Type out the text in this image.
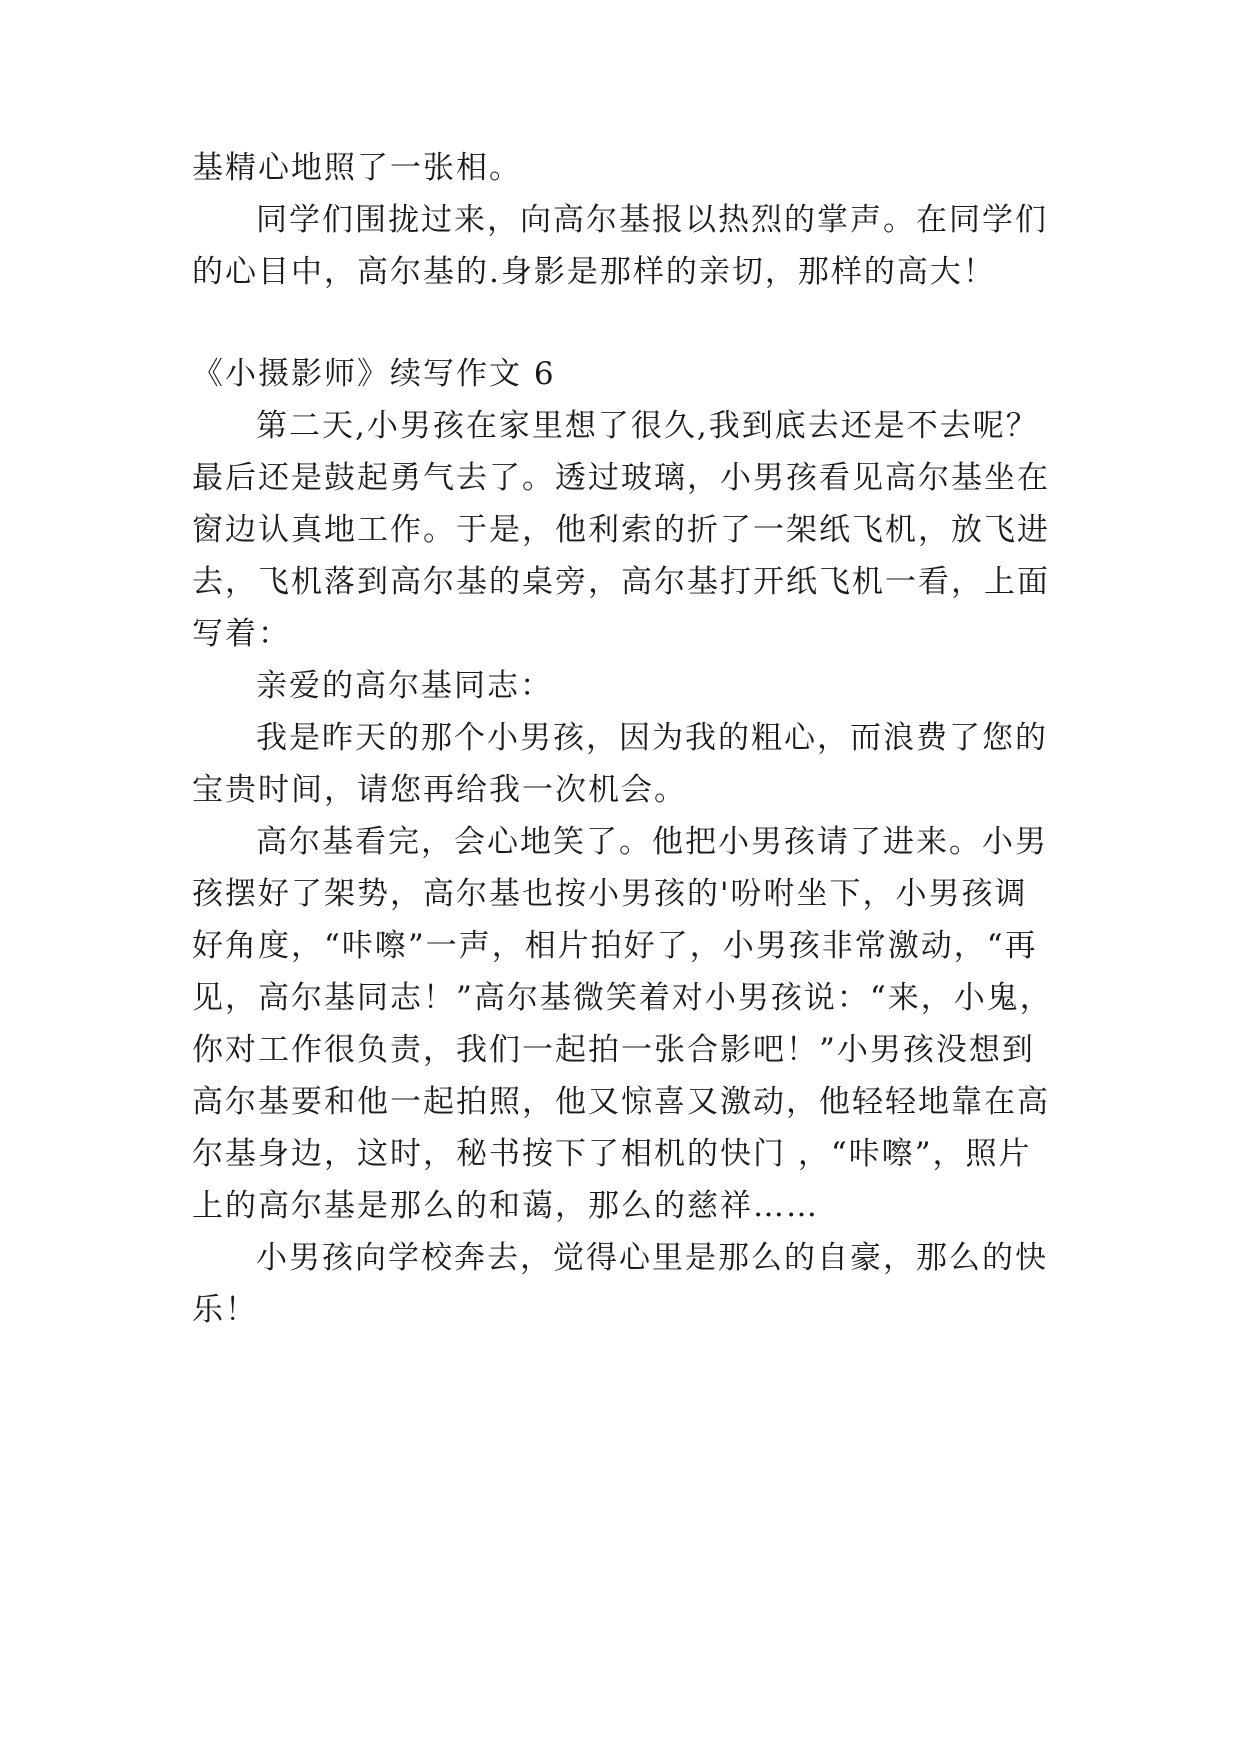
基精心地照了一张相。
同学们围拢过来，向高尔基报以热烈的掌声。在同学们
的心目中，高尔基的.身影是那样的亲切，那样的高大！
《小摄影师》续写作文 6
第二天,小男孩在家里想了很久,我到底去还是不去呢？
最后还是鼓起勇气去了。透过玻璃，小男孩看见高尔基坐在
窗边认真地工作。于是，他利索的折了一架纸飞机，放飞进
去，飞机落到高尔基的桌旁，高尔基打开纸飞机一看，上面
写着：
亲爱的高尔基同志：
我是昨天的那个小男孩，因为我的粗心，而浪费了您的
宝贵时间，请您再给我一次机会。
高尔基看完，会心地笑了。他把小男孩请了进来。小男
孩摆好了架势，高尔基也按小男孩的'吩咐坐下，小男孩调
好角度，“咔嚓”一声，相片拍好了，小男孩非常激动，“再
见，高尔基同志！”高尔基微笑着对小男孩说：“来，小鬼，
你对工作很负责，我们一起拍一张合影吧！”小男孩没想到
高尔基要和他一起拍照，他又惊喜又激动，他轻轻地靠在高
尔基身边，这时，秘书按下了相机的快门 ，“咔嚓”，照片
上的高尔基是那么的和蔼，那么的慈祥……
小男孩向学校奔去，觉得心里是那么的自豪，那么的快
乐！
